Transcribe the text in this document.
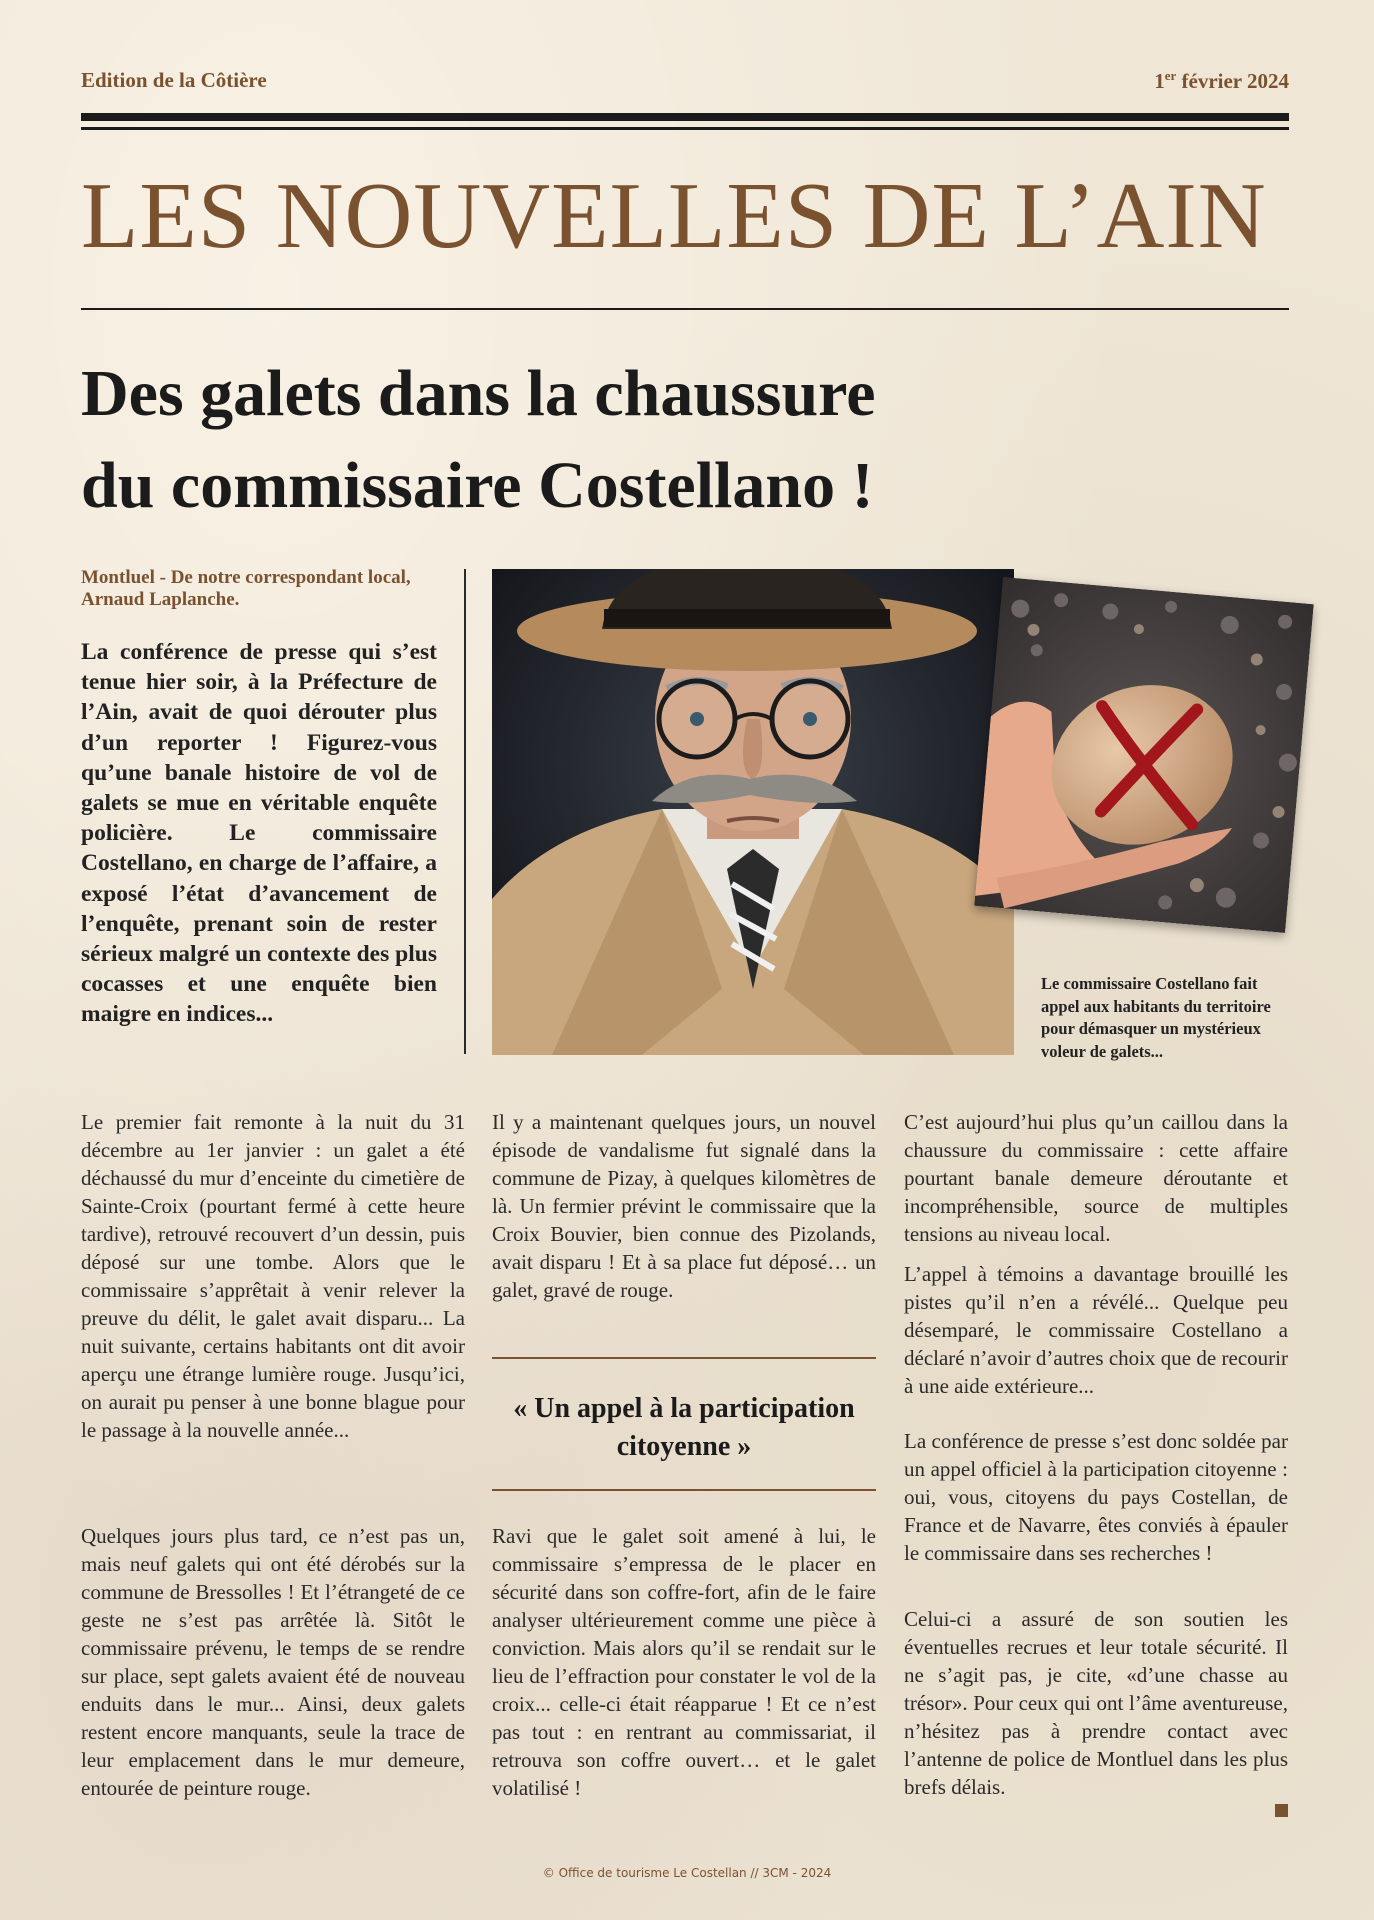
Edition de la Côtière	1er février 2024
LES NOUVELLES DE L’AIN
Des galets dans la chaussure
du commissaire Costellano !
Montluel - De notre correspondant local, Arnaud Laplanche.
La conférence de presse qui s’est tenue hier soir, à la Préfecture de l’Ain, avait de quoi dérouter plus d’un reporter ! Figurez-vous qu’une banale histoire de vol de galets se mue en véritable enquête policière. Le commissaire Costellano, en charge de l’affaire, a exposé l’état d’avancement de l’enquête, prenant soin de rester sérieux malgré un contexte des plus cocasses et une enquête bien maigre en indices...
Le commissaire Costellano fait appel aux habitants du territoire pour démasquer un mystérieux voleur de galets...

Le premier fait remonte à la nuit du 31 décembre au 1er janvier : un galet a été déchaussé du mur d’enceinte du cimetière de Sainte-Croix (pourtant fermé à cette heure tardive), retrouvé recouvert d’un dessin, puis déposé sur une tombe. Alors que le commissaire s’apprêtait à venir relever la preuve du délit, le galet avait disparu... La nuit suivante, certains habitants ont dit avoir aperçu une étrange lumière rouge. Jusqu’ici, on aurait pu penser à une bonne blague pour le passage à la nouvelle année...

Quelques jours plus tard, ce n’est pas un, mais neuf galets qui ont été dérobés sur la commune de Bressolles ! Et l’étrangeté de ce geste ne s’est pas arrêtée là. Sitôt le commissaire prévenu, le temps de se rendre sur place, sept galets avaient été de nouveau enduits dans le mur... Ainsi, deux galets restent encore manquants, seule la trace de leur emplacement dans le mur demeure, entourée de peinture rouge.

Il y a maintenant quelques jours, un nouvel épisode de vandalisme fut signalé dans la commune de Pizay, à quelques kilomètres de là. Un fermier prévint le commissaire que la Croix Bouvier, bien connue des Pizolands, avait disparu ! Et à sa place fut déposé… un galet, gravé de rouge.

« Un appel à la participation citoyenne »

Ravi que le galet soit amené à lui, le commissaire s’empressa de le placer en sécurité dans son coffre-fort, afin de le faire analyser ultérieurement comme une pièce à conviction. Mais alors qu’il se rendait sur le lieu de l’effraction pour constater le vol de la croix... celle-ci était réapparue ! Et ce n’est pas tout : en rentrant au commissariat, il retrouva son coffre ouvert… et le galet volatilisé !

C’est aujourd’hui plus qu’un caillou dans la chaussure du commissaire : cette affaire pourtant banale demeure déroutante et incompréhensible, source de multiples tensions au niveau local.

L’appel à témoins a davantage brouillé les pistes qu’il n’en a révélé... Quelque peu désemparé, le commissaire Costellano a déclaré n’avoir d’autres choix que de recourir à une aide extérieure...

La conférence de presse s’est donc soldée par un appel officiel à la participation citoyenne : oui, vous, citoyens du pays Costellan, de France et de Navarre, êtes conviés à épauler le commissaire dans ses recherches !

Celui-ci a assuré de son soutien les éventuelles recrues et leur totale sécurité. Il ne s’agit pas, je cite, «d’une chasse au trésor». Pour ceux qui ont l’âme aventureuse, n’hésitez pas à prendre contact avec l’antenne de police de Montluel dans les plus brefs délais.

© Office de tourisme Le Costellan // 3CM - 2024
